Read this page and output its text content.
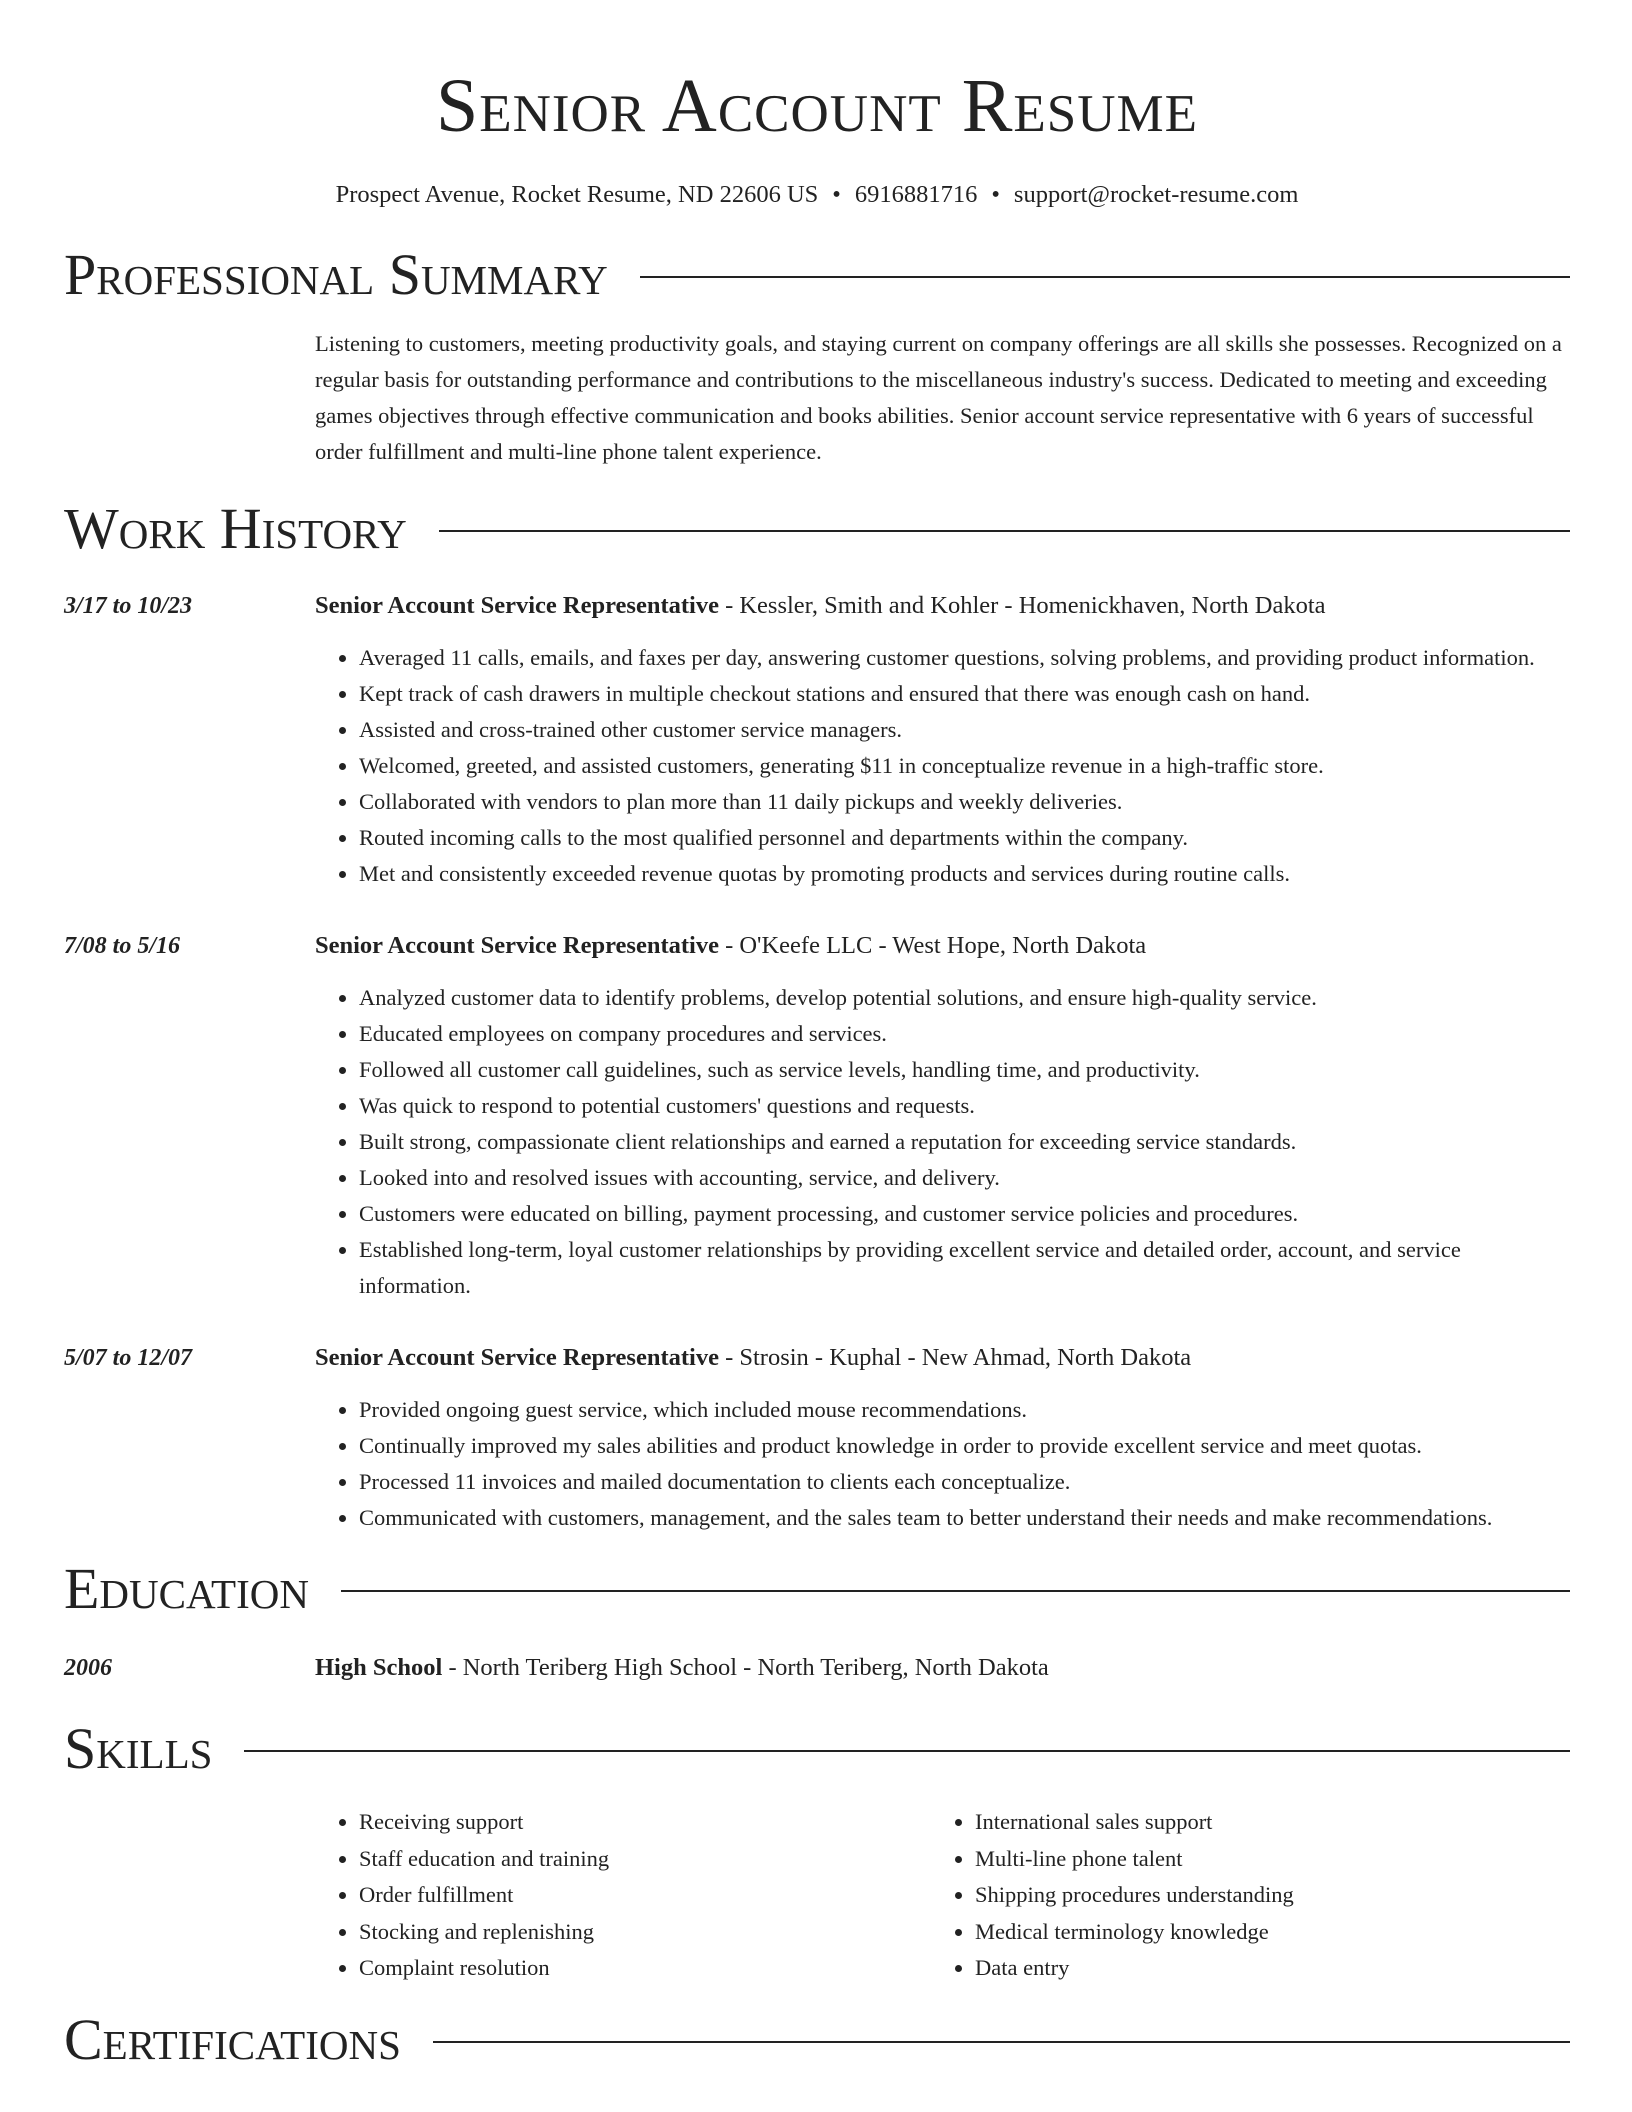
Senior Account Resume
Prospect Avenue, Rocket Resume, ND 22606 US • 6916881716 • support@rocket-resume.com
Professional Summary
Listening to customers, meeting productivity goals, and staying current on company offerings are all skills she possesses. Recognized on a regular basis for outstanding performance and contributions to the miscellaneous industry's success. Dedicated to meeting and exceeding games objectives through effective communication and books abilities. Senior account service representative with 6 years of successful order fulfillment and multi-line phone talent experience.
Work History
3/17 to 10/23	Senior Account Service Representative - Kessler, Smith and Kohler - Homenickhaven, North Dakota
• Averaged 11 calls, emails, and faxes per day, answering customer questions, solving problems, and providing product information.
• Kept track of cash drawers in multiple checkout stations and ensured that there was enough cash on hand.
• Assisted and cross-trained other customer service managers.
• Welcomed, greeted, and assisted customers, generating $11 in conceptualize revenue in a high-traffic store.
• Collaborated with vendors to plan more than 11 daily pickups and weekly deliveries.
• Routed incoming calls to the most qualified personnel and departments within the company.
• Met and consistently exceeded revenue quotas by promoting products and services during routine calls.
7/08 to 5/16	Senior Account Service Representative - O'Keefe LLC - West Hope, North Dakota
• Analyzed customer data to identify problems, develop potential solutions, and ensure high-quality service.
• Educated employees on company procedures and services.
• Followed all customer call guidelines, such as service levels, handling time, and productivity.
• Was quick to respond to potential customers' questions and requests.
• Built strong, compassionate client relationships and earned a reputation for exceeding service standards.
• Looked into and resolved issues with accounting, service, and delivery.
• Customers were educated on billing, payment processing, and customer service policies and procedures.
• Established long-term, loyal customer relationships by providing excellent service and detailed order, account, and service information.
5/07 to 12/07	Senior Account Service Representative - Strosin - Kuphal - New Ahmad, North Dakota
• Provided ongoing guest service, which included mouse recommendations.
• Continually improved my sales abilities and product knowledge in order to provide excellent service and meet quotas.
• Processed 11 invoices and mailed documentation to clients each conceptualize.
• Communicated with customers, management, and the sales team to better understand their needs and make recommendations.
Education
2006	High School - North Teriberg High School - North Teriberg, North Dakota
Skills
• Receiving support
• Staff education and training
• Order fulfillment
• Stocking and replenishing
• Complaint resolution
• International sales support
• Multi-line phone talent
• Shipping procedures understanding
• Medical terminology knowledge
• Data entry
Certifications
